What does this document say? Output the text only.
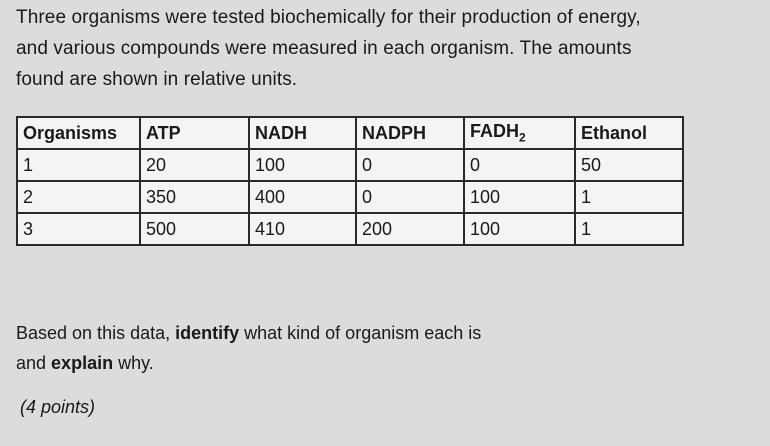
Three organisms were tested biochemically for their production of energy,
and various compounds were measured in each organism. The amounts
found are shown in relative units.
Organisms	ATP	NADH	NADPH	$FADH_2$	Ethanol
1	20	100	0	0	50
2	350	400	0	100	1
3	500	410	200	100	1
Based on this data, identify what kind of organism each is
and explain why.
(4 points)
